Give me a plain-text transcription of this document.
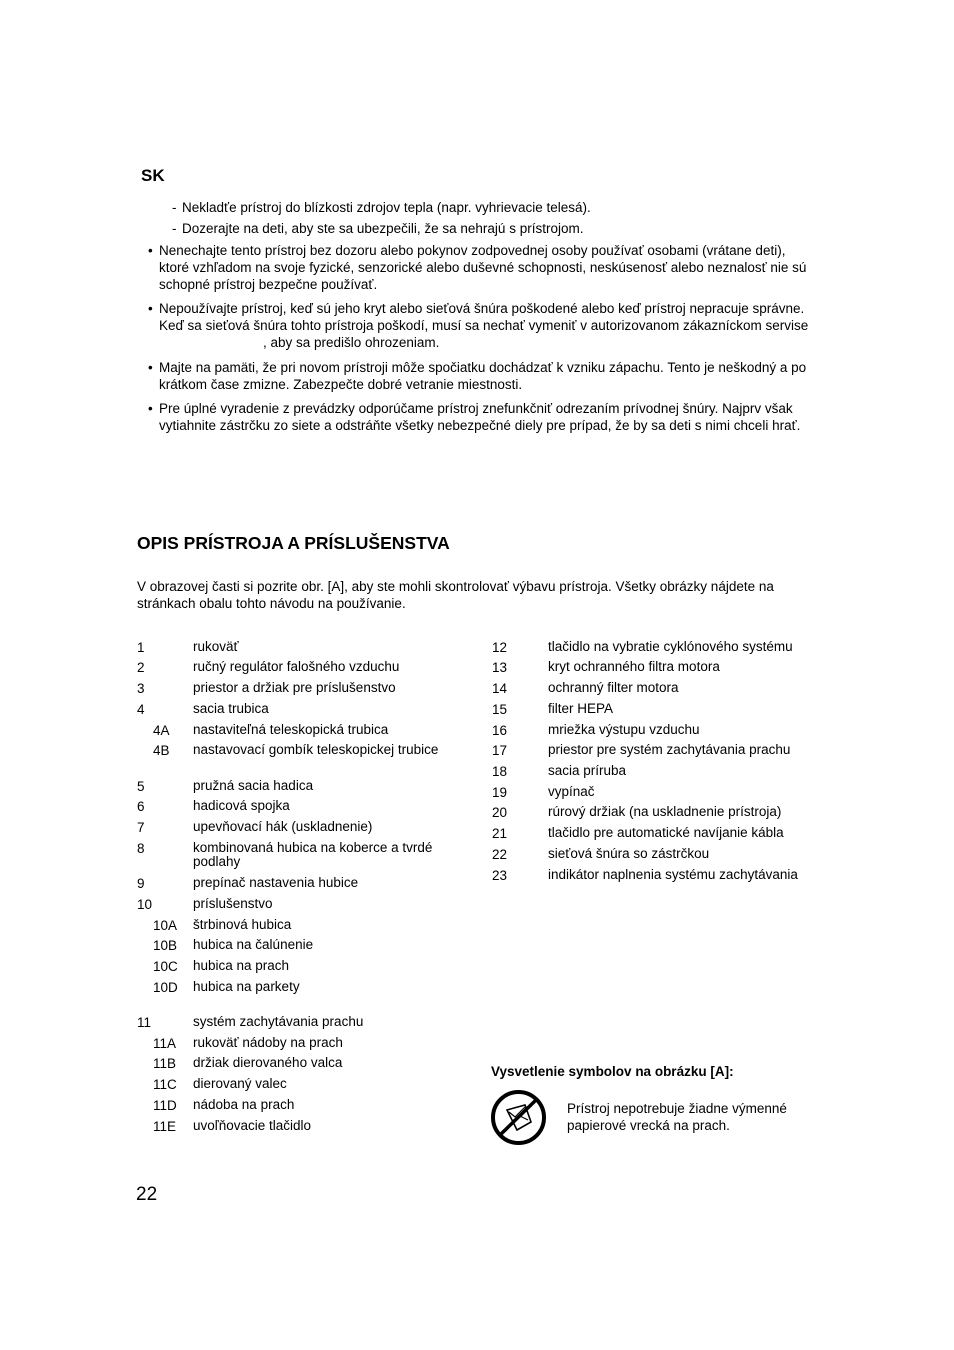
SK
- Nekladťe prístroj do blízkosti zdrojov tepla (napr. vyhrievacie telesá).
- Dozerajte na deti, aby ste sa ubezpečili, že sa nehrajú s prístrojom.
• Nenechajte tento prístroj bez dozoru alebo pokynov zodpovednej osoby používať osobami (vrátane deti), ktoré vzhľadom na svoje fyzické, senzorické alebo duševné schopnosti, neskúsenosť alebo neznalosť nie sú schopné prístroj bezpečne používať.
• Nepoužívajte prístroj, keď sú jeho kryt alebo sieťová šnúra poškodené alebo keď prístroj nepracuje správne. Keď sa sieťová šnúra tohto prístroja poškodí, musí sa nechať vymeniť v autorizovanom zákazníckom servise, aby sa predišlo ohrozeniam.
• Majte na pamäti, že pri novom prístroji môže spočiatku dochádzať k vzniku zápachu. Tento je neškodný a po krátkom čase zmizne. Zabezpečte dobré vetranie miestnosti.
• Pre úplné vyradenie z prevádzky odporúčame prístroj znefunkčniť odrezaním prívodnej šnúry. Najprv však vytiahnite zástrčku zo siete a odstráňte všetky nebezpečné diely pre prípad, že by sa deti s nimi chceli hrať.
OPIS PRÍSTROJA A PRÍSLUŠENSTVA
V obrazovej časti si pozrite obr. [A], aby ste mohli skontrolovať výbavu prístroja. Všetky obrázky nájdete na stránkach obalu tohto návodu na používanie.
1	rukoväť
2	ručný regulátor falošného vzduchu
3	priestor a držiak pre príslušenstvo
4	sacia trubica
4A nastaviteľná teleskopická trubica
4B nastavovací gombík teleskopickej trubice
5	pružná sacia hadica
6	hadicová spojka
7	upevňovací hák (uskladnenie)
8	kombinovaná hubica na koberce a tvrdé podlahy
9	prepínač nastavenia hubice
10	príslušenstvo
10A štrbinová hubica
10B hubica na čalúnenie
10C hubica na prach
10D hubica na parkety
11	systém zachytávania prachu
11A rukoväť nádoby na prach
11B držiak dierovaného valca
11C dierovaný valec
11D nádoba na prach
11E uvoľňovacie tlačidlo
12	tlačidlo na vybratie cyklónového systému
13	kryt ochranného filtra motora
14	ochranný filter motora
15	filter HEPA
16	mriežka výstupu vzduchu
17	priestor pre systém zachytávania prachu
18	sacia príruba
19	vypínač
20	rúrový držiak (na uskladnenie prístroja)
21	tlačidlo pre automatické navíjanie kábla
22	sieťová šnúra so zástrčkou
23	indikátor naplnenia systému zachytávania
Vysvetlenie symbolov na obrázku [A]:
Prístroj nepotrebuje žiadne výmenné papierové vrecká na prach.
22
